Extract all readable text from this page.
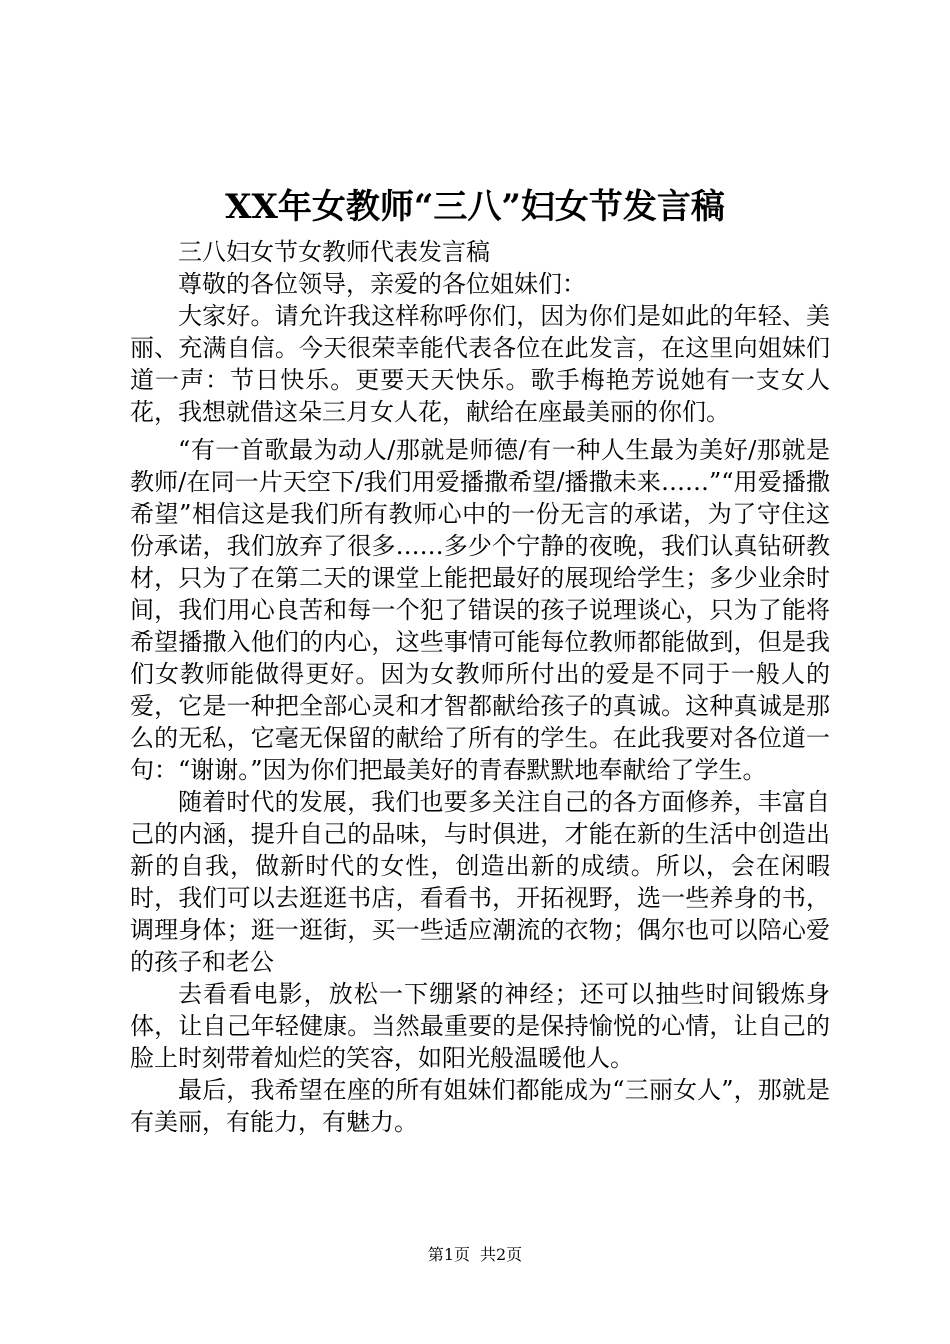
XX年女教师“三八”妇女节发言稿

三八妇女节女教师代表发言稿

尊敬的各位领导，亲爱的各位姐妹们：

大家好。请允许我这样称呼你们，因为你们是如此的年轻、美丽、充满自信。今天很荣幸能代表各位在此发言，在这里向姐妹们道一声：节日快乐。更要天天快乐。歌手梅艳芳说她有一支女人花，我想就借这朵三月女人花，献给在座最美丽的你们。

“有一首歌最为动人/那就是师德/有一种人生最为美好/那就是教师/在同一片天空下/我们用爱播撒希望/播撒未来……”“用爱播撒希望”相信这是我们所有教师心中的一份无言的承诺，为了守住这份承诺，我们放弃了很多……多少个宁静的夜晚，我们认真钻研教材，只为了在第二天的课堂上能把最好的展现给学生；多少业余时间，我们用心良苦和每一个犯了错误的孩子说理谈心，只为了能将希望播撒入他们的内心，这些事情可能每位教师都能做到，但是我们女教师能做得更好。因为女教师所付出的爱是不同于一般人的爱，它是一种把全部心灵和才智都献给孩子的真诚。这种真诚是那么的无私，它毫无保留的献给了所有的学生。在此我要对各位道一句：“谢谢。”因为你们把最美好的青春默默地奉献给了学生。

随着时代的发展，我们也要多关注自己的各方面修养，丰富自己的内涵，提升自己的品味，与时俱进，才能在新的生活中创造出新的自我，做新时代的女性，创造出新的成绩。所以，会在闲暇时，我们可以去逛逛书店，看看书，开拓视野，选一些养身的书，调理身体；逛一逛街，买一些适应潮流的衣物；偶尔也可以陪心爱的孩子和老公

去看看电影，放松一下绷紧的神经；还可以抽些时间锻炼身体，让自己年轻健康。当然最重要的是保持愉悦的心情，让自己的脸上时刻带着灿烂的笑容，如阳光般温暖他人。

最后，我希望在座的所有姐妹们都能成为“三丽女人”，那就是有美丽，有能力，有魅力。

第1页 共2页
